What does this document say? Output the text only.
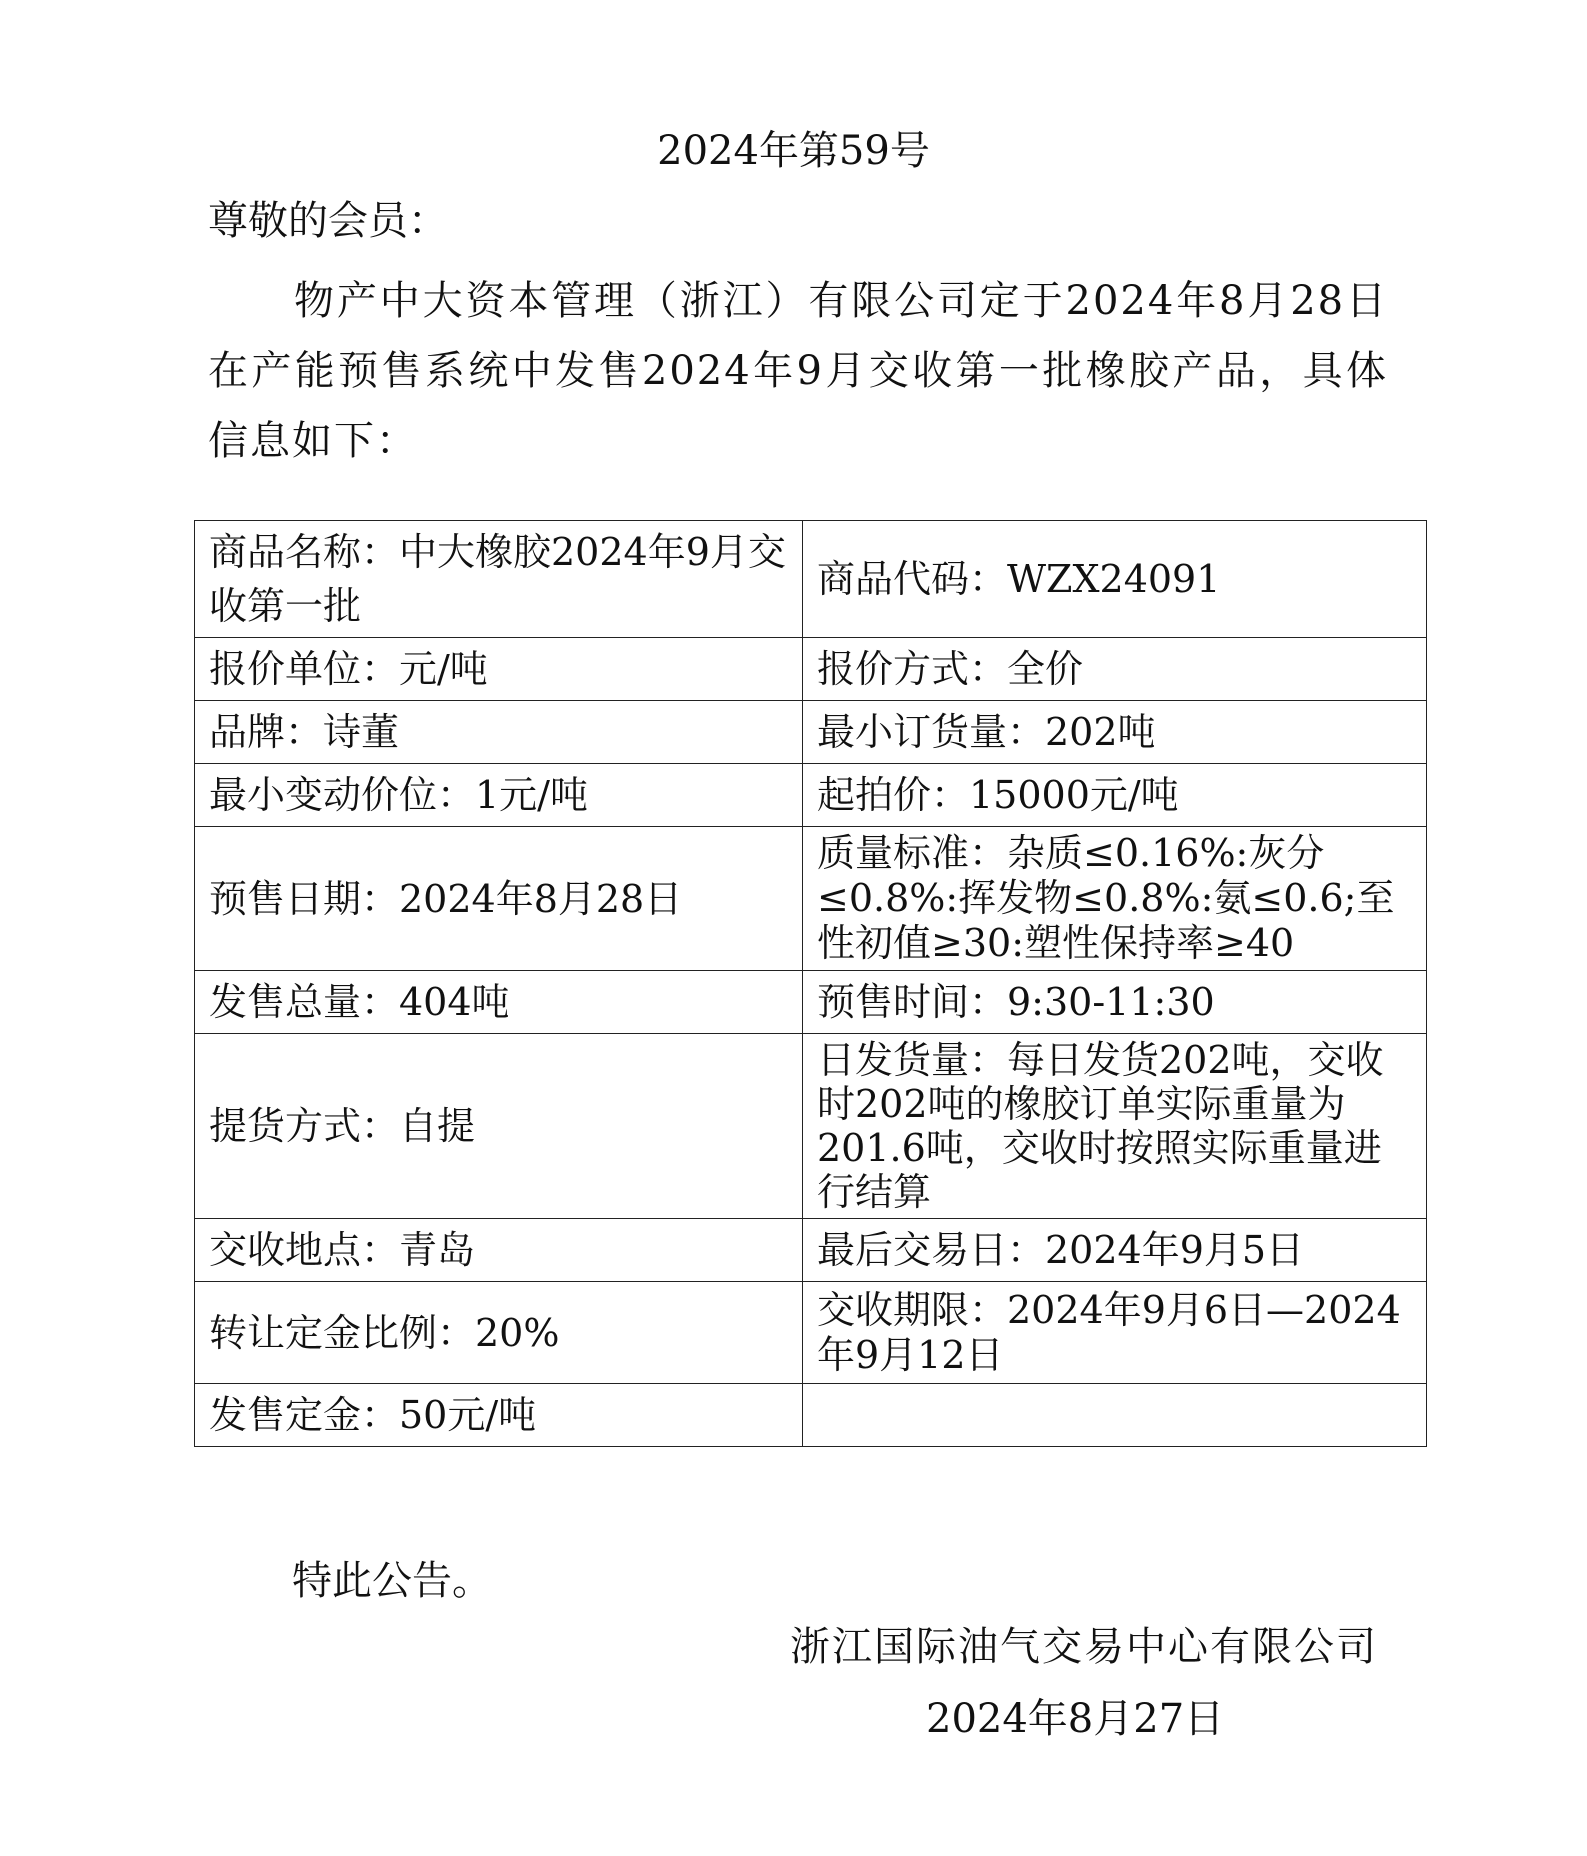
2024年第59号
尊敬的会员：
物产中大资本管理（浙江）有限公司定于2024年8月28日在产能预售系统中发售2024年9月交收第一批橡胶产品，具体信息如下：
商品名称：中大橡胶2024年9月交收第一批	商品代码：WZX24091
报价单位：元/吨	报价方式：全价
品牌：诗董	最小订货量：202吨
最小变动价位：1元/吨	起拍价：15000元/吨
预售日期：2024年8月28日	质量标准：杂质≤0.16%:灰分≤0.8%:挥发物≤0.8%:氨≤0.6;至性初值≥30:塑性保持率≥40
发售总量：404吨	预售时间：9:30-11:30
提货方式：自提	日发货量：每日发货202吨，交收时202吨的橡胶订单实际重量为201.6吨，交收时按照实际重量进行结算
交收地点：青岛	最后交易日：2024年9月5日
转让定金比例：20%	交收期限：2024年9月6日—2024年9月12日
发售定金：50元/吨	
特此公告。
浙江国际油气交易中心有限公司
2024年8月27日
